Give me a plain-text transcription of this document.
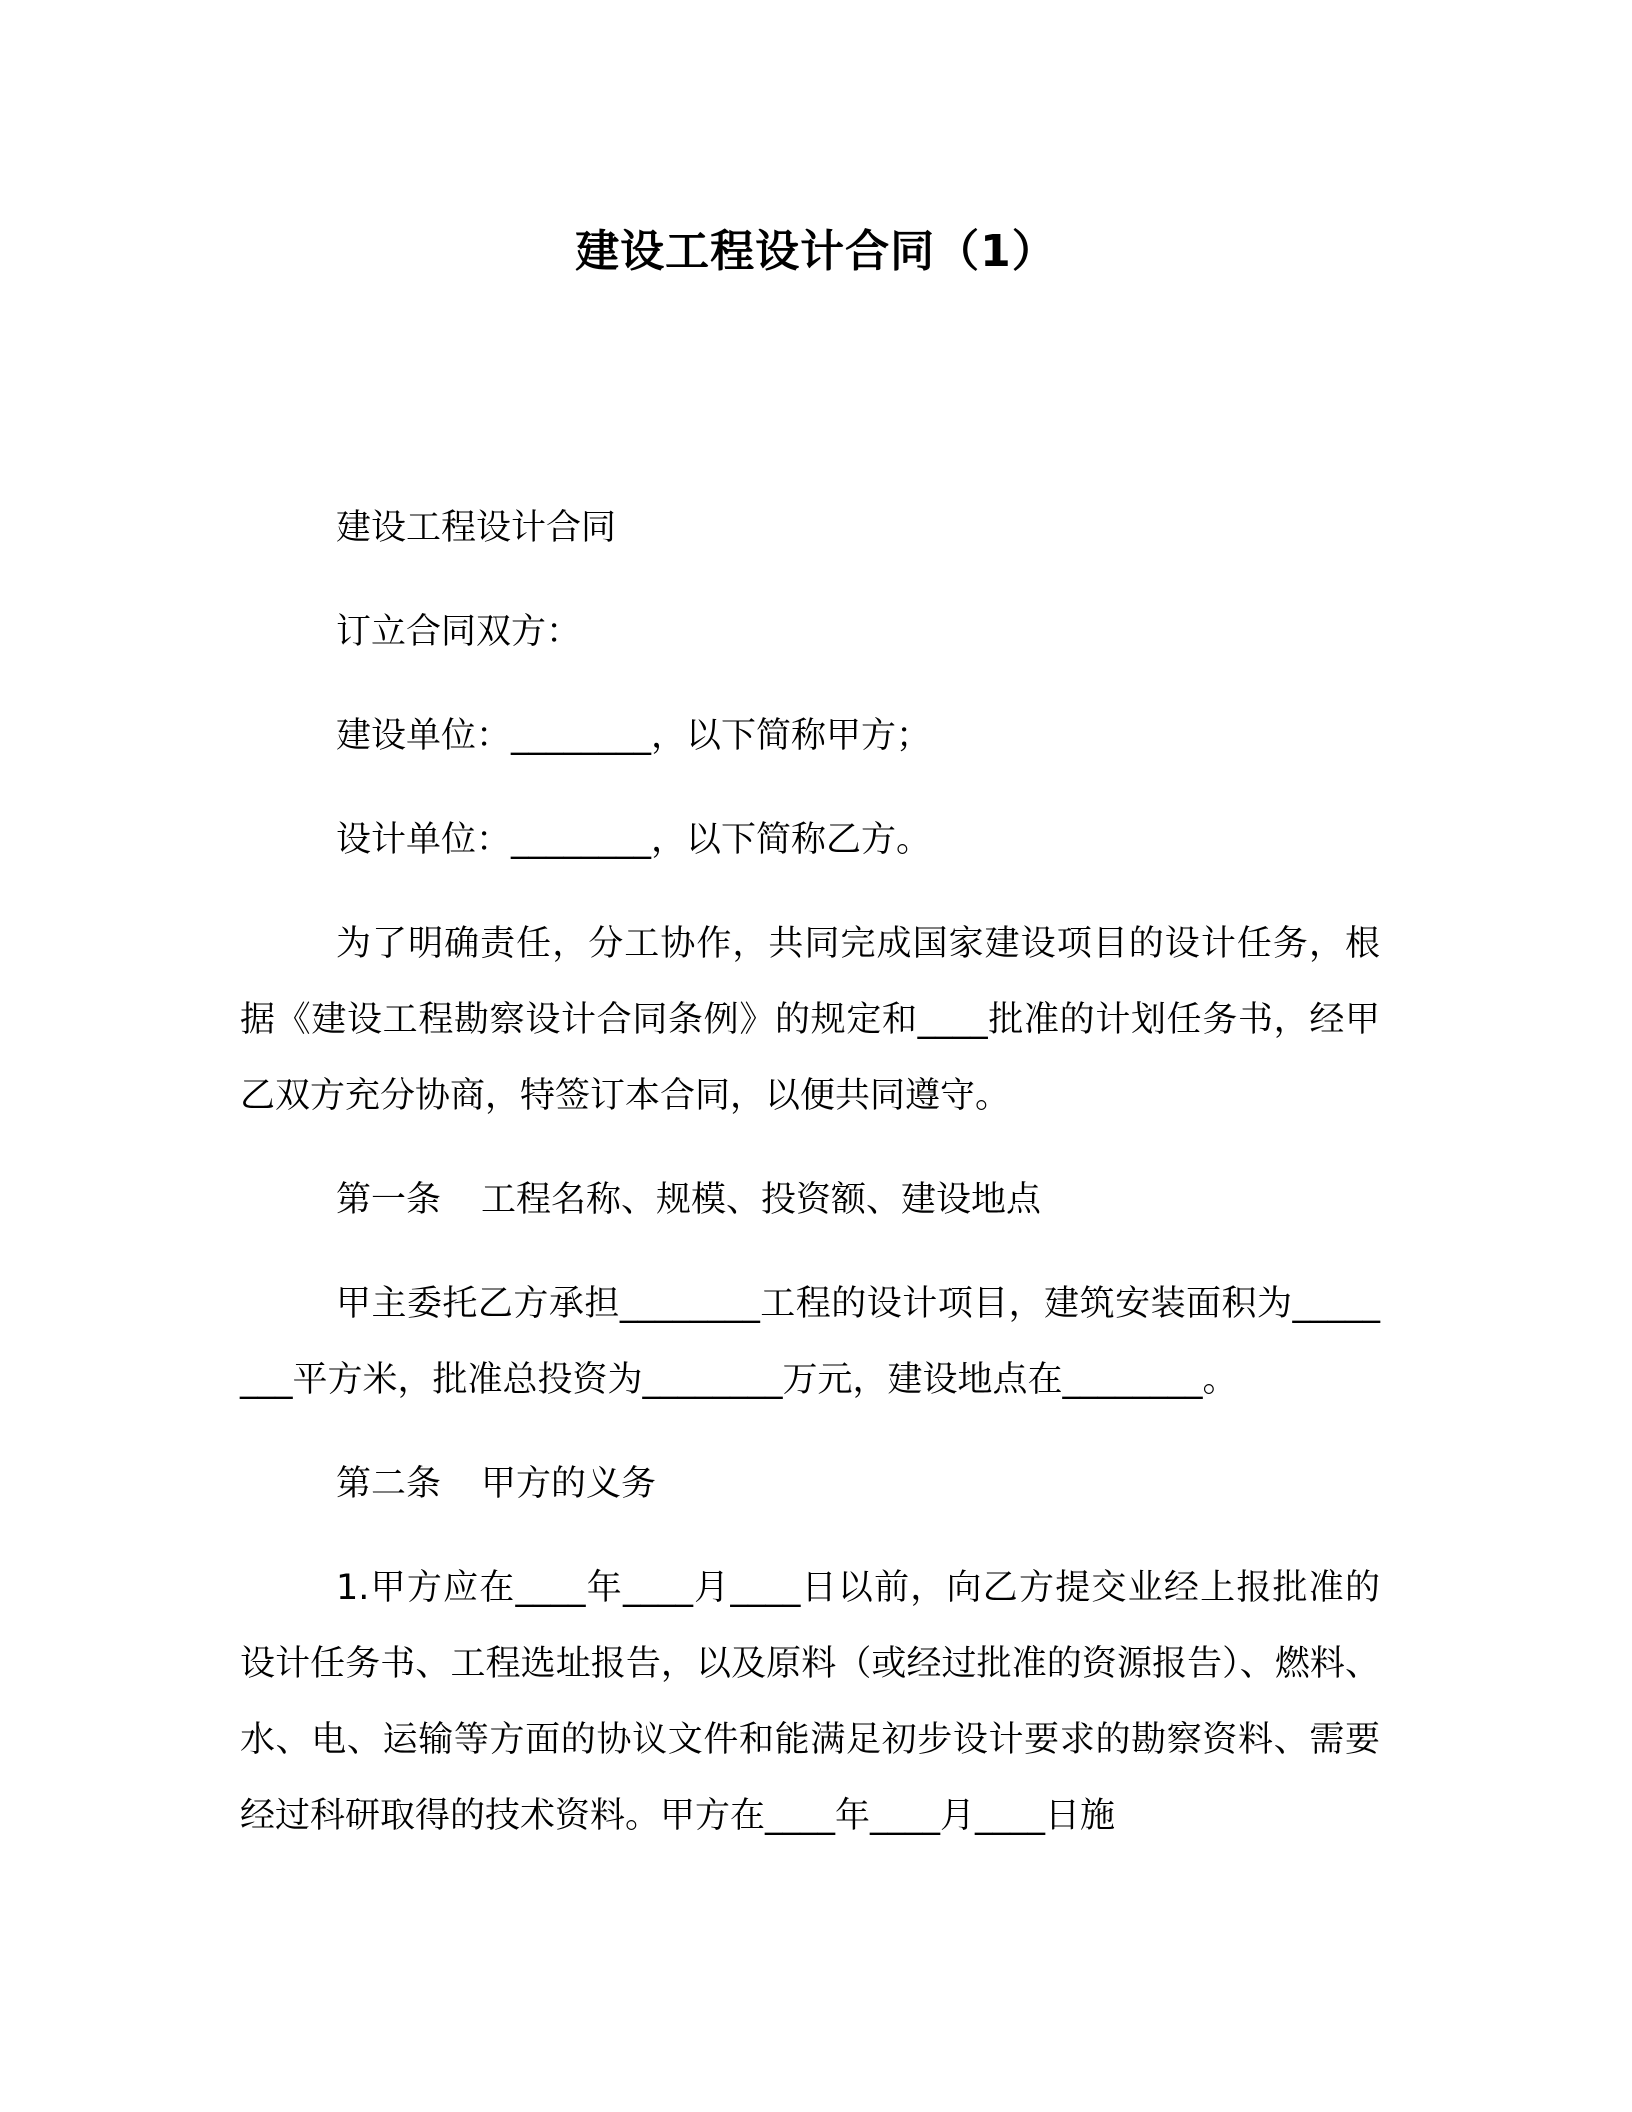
建设工程设计合同（1）

建设工程设计合同

订立合同双方：

建设单位：________，以下简称甲方；

设计单位：________，以下简称乙方。

为了明确责任，分工协作，共同完成国家建设项目的设计任务，根据《建设工程勘察设计合同条例》的规定和____批准的计划任务书，经甲乙双方充分协商，特签订本合同，以便共同遵守。

第一条 工程名称、规模、投资额、建设地点

甲主委托乙方承担________工程的设计项目，建筑安装面积为________平方米，批准总投资为________万元，建设地点在________。

第二条 甲方的义务

1.甲方应在____年____月____日以前，向乙方提交业经上报批准的设计任务书、工程选址报告，以及原料（或经过批准的资源报告）、燃料、水、电、运输等方面的协议文件和能满足初步设计要求的勘察资料、需要经过科研取得的技术资料。甲方在____年____月____日施
